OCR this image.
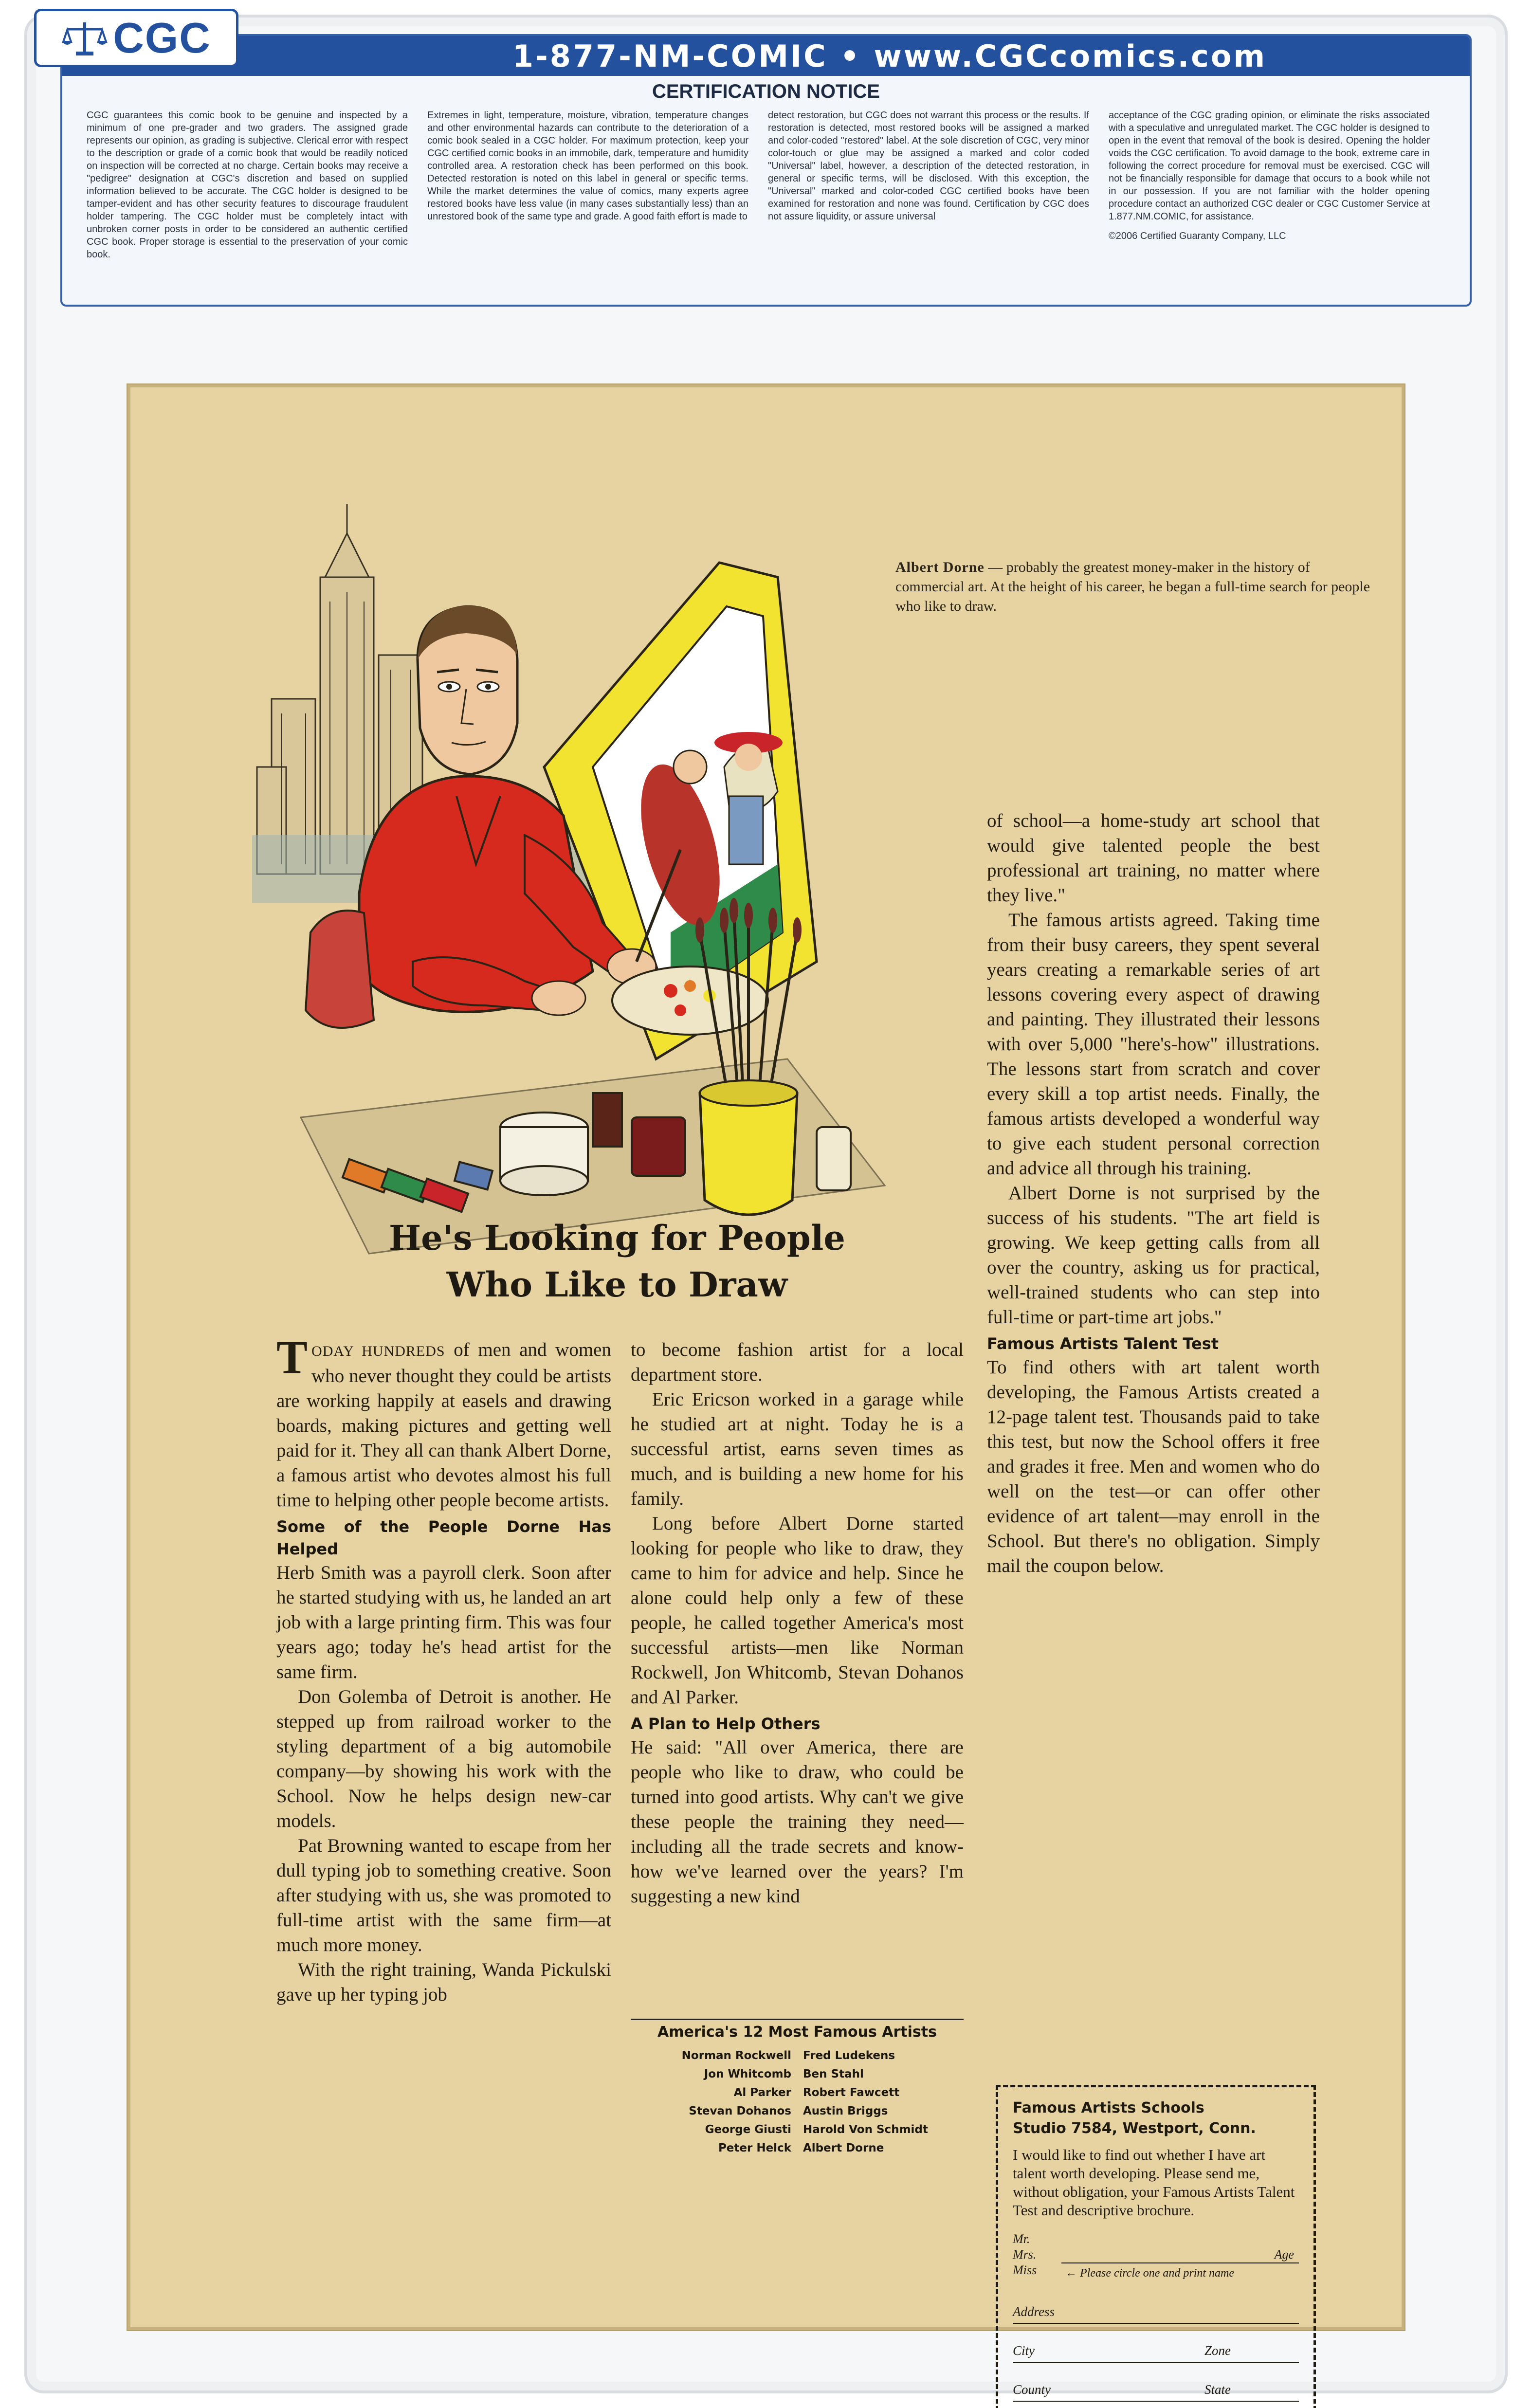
1-877-NM-COMIC • www.CGCcomics.com
CERTIFICATION NOTICE
CGC guarantees this comic book to be genuine and inspected by a minimum of one pre-grader and two graders. The assigned grade represents our opinion, as grading is subjective. Clerical error with respect to the description or grade of a comic book that would be readily noticed on inspection will be corrected at no charge. Certain books may receive a "pedigree" designation at CGC's discretion and based on supplied information believed to be accurate. The CGC holder is designed to be tamper-evident and has other security features to discourage fraudulent holder tampering. The CGC holder must be completely intact with unbroken corner posts in order to be considered an authentic certified CGC book. Proper storage is essential to the preservation of your comic book.
Extremes in light, temperature, moisture, vibration, temperature changes and other environmental hazards can contribute to the deterioration of a comic book sealed in a CGC holder. For maximum protection, keep your CGC certified comic books in an immobile, dark, temperature and humidity controlled area. A restoration check has been performed on this book. Detected restoration is noted on this label in general or specific terms. While the market determines the value of comics, many experts agree restored books have less value (in many cases substantially less) than an unrestored book of the same type and grade. A good faith effort is made to
detect restoration, but CGC does not warrant this process or the results. If restoration is detected, most restored books will be assigned a marked and color-coded "restored" label. At the sole discretion of CGC, very minor color-touch or glue may be assigned a marked and color coded "Universal" label, however, a description of the detected restoration, in general or specific terms, will be disclosed. With this exception, the "Universal" marked and color-coded CGC certified books have been examined for restoration and none was found. Certification by CGC does not assure liquidity, or assure universal
acceptance of the CGC grading opinion, or eliminate the risks associated with a speculative and unregulated market. The CGC holder is designed to open in the event that removal of the book is desired. Opening the holder voids the CGC certification. To avoid damage to the book, extreme care in following the correct procedure for removal must be exercised. CGC will not be financially responsible for damage that occurs to a book while not in our possession. If you are not familiar with the holder opening procedure contact an authorized CGC dealer or CGC Customer Service at 1.877.NM.COMIC, for assistance.
©2006 Certified Guaranty Company, LLC
CGC
Albert Dorne — probably the greatest money-maker in the history of commercial art. At the height of his career, he began a full-time search for people who like to draw.
He's Looking for People
Who Like to Draw

TODAY HUNDREDS of men and women who never thought they could be artists are working happily at easels and drawing boards, making pictures and getting well paid for it. They all can thank Albert Dorne, a famous artist who devotes almost his full time to helping other people become artists.

Some of the People Dorne Has Helped

Herb Smith was a payroll clerk. Soon after he started studying with us, he landed an art job with a large printing firm. This was four years ago; today he's head artist for the same firm.

Don Golemba of Detroit is another. He stepped up from railroad worker to the styling department of a big automobile company—by showing his work with the School. Now he helps design new-car models.

Pat Browning wanted to escape from her dull typing job to something creative. Soon after studying with us, she was promoted to full-time artist with the same firm—at much more money.

With the right training, Wanda Pickulski gave up her typing job

to become fashion artist for a local department store.

Eric Ericson worked in a garage while he studied art at night. Today he is a successful artist, earns seven times as much, and is building a new home for his family.

Long before Albert Dorne started looking for people who like to draw, they came to him for advice and help. Since he alone could help only a few of these people, he called together America's most successful artists—men like Norman Rockwell, Jon Whitcomb, Stevan Dohanos and Al Parker.

A Plan to Help Others

He said: "All over America, there are people who like to draw, who could be turned into good artists. Why can't we give these people the training they need—including all the trade secrets and know-how we've learned over the years? I'm suggesting a new kind

America's 12 Most Famous Artists
Norman Rockwell
Jon Whitcomb
Al Parker
Stevan Dohanos
George Giusti
Peter Helck
Fred Ludekens
Ben Stahl
Robert Fawcett
Austin Briggs
Harold Von Schmidt
Albert Dorne

of school—a home-study art school that would give talented people the best professional art training, no matter where they live."

The famous artists agreed. Taking time from their busy careers, they spent several years creating a remarkable series of art lessons covering every aspect of drawing and painting. They illustrated their lessons with over 5,000 "here's-how" illustrations. The lessons start from scratch and cover every skill a top artist needs. Finally, the famous artists developed a wonderful way to give each student personal correction and advice all through his training.

Albert Dorne is not surprised by the success of his students. "The art field is growing. We keep getting calls from all over the country, asking us for practical, well-trained students who can step into full-time or part-time art jobs."

Famous Artists Talent Test

To find others with art talent worth developing, the Famous Artists created a 12-page talent test. Thousands paid to take this test, but now the School offers it free and grades it free. Men and women who do well on the test—or can offer other evidence of art talent—may enroll in the School. But there's no obligation. Simply mail the coupon below.

Famous Artists Schools
Studio 7584, Westport, Conn.
I would like to find out whether I have art talent worth developing. Please send me, without obligation, your Famous Artists Talent Test and descriptive brochure.
Mr.
Mrs.
Miss
Age
← Please circle one and print name
Address
City	Zone
County	State
